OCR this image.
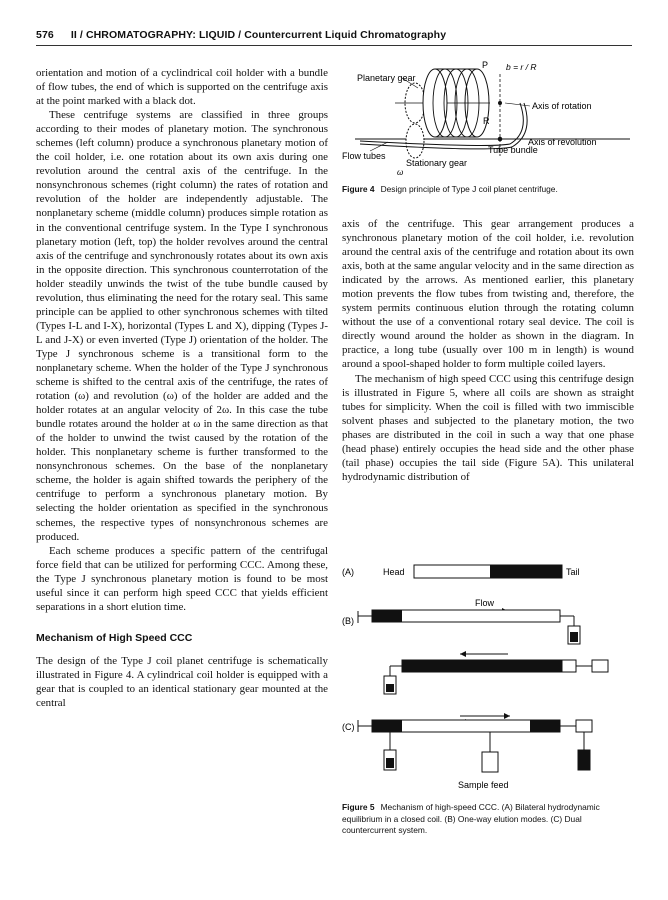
576 II / CHROMATOGRAPHY: LIQUID / Countercurrent Liquid Chromatography

orientation and motion of a cyclindrical coil holder with a bundle of flow tubes, the end of which is supported on the centrifuge axis at the point marked with a black dot.

These centrifuge systems are classified in three groups according to their modes of planetary motion. The synchronous schemes (left column) produce a synchronous planetary motion of the coil holder, i.e. one rotation about its own axis during one revolution around the central axis of the centrifuge. In the nonsynchronous schemes (right column) the rates of rotation and revolution of the holder are independently adjustable. The nonplanetary scheme (middle column) produces simple rotation as in the conventional centrifuge system. In the Type I synchronous planetary motion (left, top) the holder revolves around the central axis of the centrifuge and synchronously rotates about its own axis in the opposite direction. This synchronous counterrotation of the holder steadily unwinds the twist of the tube bundle caused by revolution, thus eliminating the need for the rotary seal. This same principle can be applied to other synchronous schemes with tilted (Types I-L and I-X), horizontal (Types L and X), dipping (Types J-L and J-X) or even inverted (Type J) orientation of the holder. The Type J synchronous scheme is a transitional form to the nonplanetary scheme. When the holder of the Type J synchronous scheme is shifted to the central axis of the centrifuge, the rates of rotation (ω) and revolution (ω) of the holder are added and the holder rotates at an angular velocity of 2ω. In this case the tube bundle rotates around the holder at ω in the same direction as that of the holder to unwind the twist caused by the rotation of the holder. This nonplanetary scheme is further transformed to the nonsynchronous schemes. On the base of the nonplanetary scheme, the holder is again shifted towards the periphery of the centrifuge to perform a synchronous planetary motion. By selecting the holder orientation as specified in the synchronous schemes, the respective types of nonsynchronous schemes are produced.

Each scheme produces a specific pattern of the centrifugal force field that can be utilized for performing CCC. Among these, the Type J synchronous planetary motion is found to be most useful since it can perform high speed CCC that yields efficient separations in a short elution time.

Mechanism of High Speed CCC

The design of the Type J coil planet centrifuge is schematically illustrated in Figure 4. A cylindrical coil holder is equipped with a gear that is coupled to an identical stationary gear mounted at the central

Planetary gear
Axis of rotation
Axis of revolution
Tube bundle
Flow tubes
Stationary gear
ω
P
R
b = r / R
Figure 4 Design principle of Type J coil planet centrifuge.

axis of the centrifuge. This gear arrangement produces a synchronous planetary motion of the coil holder, i.e. revolution around the central axis of the centrifuge and rotation about its own axis, both at the same angular velocity and in the same direction as indicated by the arrows. As mentioned earlier, this planetary motion prevents the flow tubes from twisting and, therefore, the system permits continuous elution through the rotating column without the use of a conventional rotary seal device. The coil is directly wound around the holder as shown in the diagram. In practice, a long tube (usually over 100 m in length) is wound around a spool-shaped holder to form multiple coiled layers.

The mechanism of high speed CCC using this centrifuge design is illustrated in Figure 5, where all coils are shown as straight tubes for simplicity. When the coil is filled with two immiscible solvent phases and subjected to the planetary motion, the two phases are distributed in the coil in such a way that one phase (head phase) entirely occupies the head side and the other phase (tail phase) occupies the tail side (Figure 5A). This unilateral hydrodynamic distribution of

(A)	Head	Tail
(B)
Flow
(C)
Sample feed
Figure 5 Mechanism of high-speed CCC. (A) Bilateral hydrodynamic equilibrium in a closed coil. (B) One-way elution modes. (C) Dual countercurrent system.
